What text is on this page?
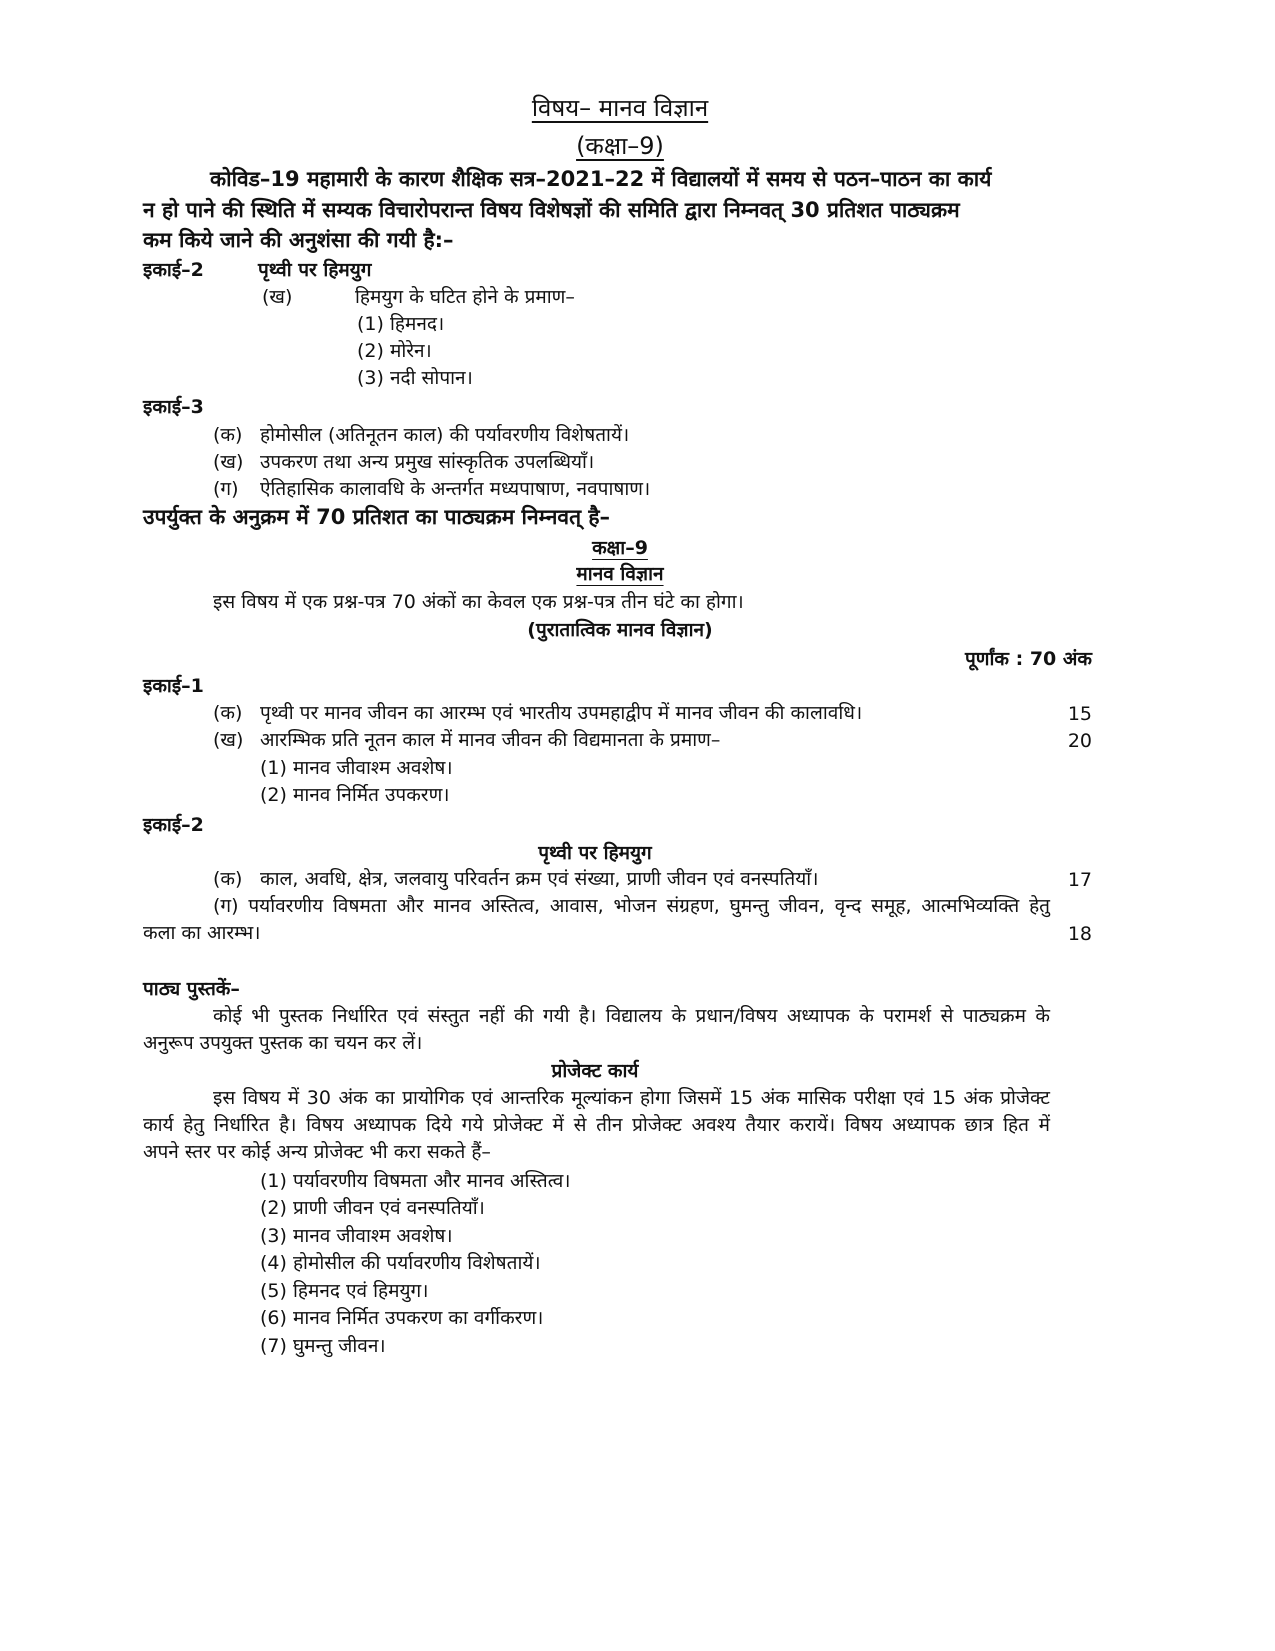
विषय– मानव विज्ञान
(कक्षा–9)
कोविड–19 महामारी के कारण शैक्षिक सत्र–2021–22 में विद्यालयों में समय से पठन–पाठन का कार्य
न हो पाने की स्थिति में सम्यक विचारोपरान्त विषय विशेषज्ञों की समिति द्वारा निम्नवत् 30 प्रतिशत पाठ्यक्रम
कम किये जाने की अनुशंसा की गयी है:–
इकाई–2	पृथ्वी पर हिमयुग
(ख)	हिमयुग के घटित होने के प्रमाण–
(1) हिमनद।
(2) मोरेन।
(3) नदी सोपान।
इकाई–3
(क) होमोसील (अतिनूतन काल) की पर्यावरणीय विशेषतायें।
(ख) उपकरण तथा अन्य प्रमुख सांस्कृतिक उपलब्धियाँ।
(ग) ऐतिहासिक कालावधि के अन्तर्गत मध्यपाषाण, नवपाषाण।
उपर्युक्त के अनुक्रम में 70 प्रतिशत का पाठ्यक्रम निम्नवत् है–
कक्षा–9
मानव विज्ञान
इस विषय में एक प्रश्न-पत्र 70 अंकों का केवल एक प्रश्न-पत्र तीन घंटे का होगा।
(पुरातात्विक मानव विज्ञान)
पूर्णांक : 70 अंक
इकाई–1
(क) पृथ्वी पर मानव जीवन का आरम्भ एवं भारतीय उपमहाद्वीप में मानव जीवन की कालावधि।	15
(ख) आरम्भिक प्रति नूतन काल में मानव जीवन की विद्यमानता के प्रमाण–	20
(1) मानव जीवाश्म अवशेष।
(2) मानव निर्मित उपकरण।
इकाई–2
पृथ्वी पर हिमयुग
(क) काल, अवधि, क्षेत्र, जलवायु परिवर्तन क्रम एवं संख्या, प्राणी जीवन एवं वनस्पतियाँ।	17
(ग) पर्यावरणीय विषमता और मानव अस्तित्व, आवास, भोजन संग्रहण, घुमन्तु जीवन, वृन्द समूह, आत्मभिव्यक्ति हेतु
कला का आरम्भ।	18
पाठ्य पुस्तकें–
कोई भी पुस्तक निर्धारित एवं संस्तुत नहीं की गयी है। विद्यालय के प्रधान/विषय अध्यापक के परामर्श से पाठ्यक्रम के
अनुरूप उपयुक्त पुस्तक का चयन कर लें।
प्रोजेक्ट कार्य
इस विषय में 30 अंक का प्रायोगिक एवं आन्तरिक मूल्यांकन होगा जिसमें 15 अंक मासिक परीक्षा एवं 15 अंक प्रोजेक्ट
कार्य हेतु निर्धारित है। विषय अध्यापक दिये गये प्रोजेक्ट में से तीन प्रोजेक्ट अवश्य तैयार करायें। विषय अध्यापक छात्र हित में
अपने स्तर पर कोई अन्य प्रोजेक्ट भी करा सकते हैं–
(1) पर्यावरणीय विषमता और मानव अस्तित्व।
(2) प्राणी जीवन एवं वनस्पतियाँ।
(3) मानव जीवाश्म अवशेष।
(4) होमोसील की पर्यावरणीय विशेषतायें।
(5) हिमनद एवं हिमयुग।
(6) मानव निर्मित उपकरण का वर्गीकरण।
(7) घुमन्तु जीवन।
